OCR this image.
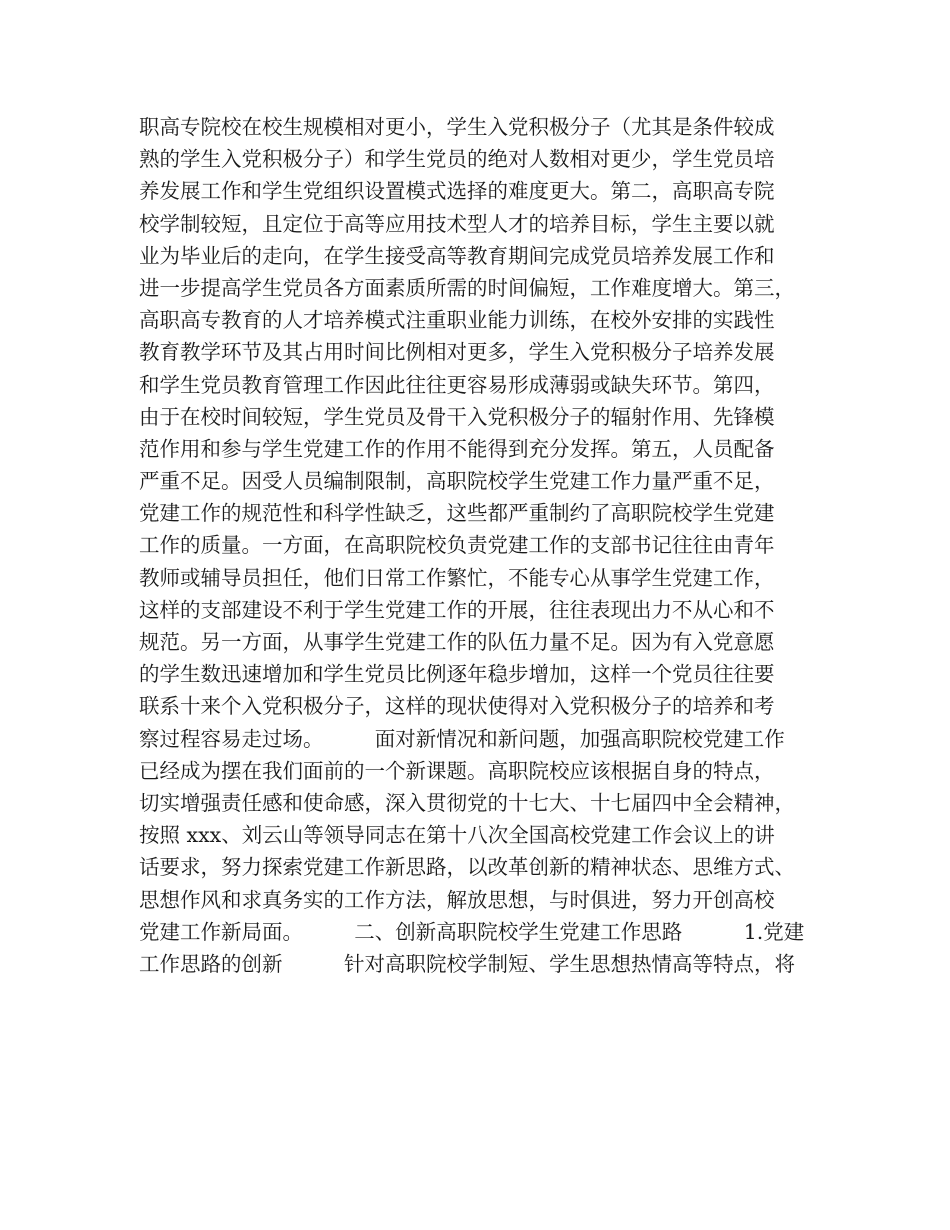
职高专院校在校生规模相对更小，学生入党积极分子（尤其是条件较成
熟的学生入党积极分子）和学生党员的绝对人数相对更少，学生党员培
养发展工作和学生党组织设置模式选择的难度更大。第二，高职高专院
校学制较短，且定位于高等应用技术型人才的培养目标，学生主要以就
业为毕业后的走向，在学生接受高等教育期间完成党员培养发展工作和
进一步提高学生党员各方面素质所需的时间偏短，工作难度增大。第三，
高职高专教育的人才培养模式注重职业能力训练，在校外安排的实践性
教育教学环节及其占用时间比例相对更多，学生入党积极分子培养发展
和学生党员教育管理工作因此往往更容易形成薄弱或缺失环节。第四，
由于在校时间较短，学生党员及骨干入党积极分子的辐射作用、先锋模
范作用和参与学生党建工作的作用不能得到充分发挥。第五，人员配备
严重不足。因受人员编制限制，高职院校学生党建工作力量严重不足，
党建工作的规范性和科学性缺乏，这些都严重制约了高职院校学生党建
工作的质量。一方面，在高职院校负责党建工作的支部书记往往由青年
教师或辅导员担任，他们日常工作繁忙，不能专心从事学生党建工作，
这样的支部建设不利于学生党建工作的开展，往往表现出力不从心和不
规范。另一方面，从事学生党建工作的队伍力量不足。因为有入党意愿
的学生数迅速增加和学生党员比例逐年稳步增加，这样一个党员往往要
联系十来个入党积极分子，这样的现状使得对入党积极分子的培养和考
察过程容易走过场。　　　面对新情况和新问题，加强高职院校党建工作
已经成为摆在我们面前的一个新课题。高职院校应该根据自身的特点，
切实增强责任感和使命感，深入贯彻党的十七大、十七届四中全会精神，
按照 xxx、刘云山等领导同志在第十八次全国高校党建工作会议上的讲
话要求，努力探索党建工作新思路，以改革创新的精神状态、思维方式、
思想作风和求真务实的工作方法，解放思想，与时俱进，努力开创高校
党建工作新局面。　　　二、创新高职院校学生党建工作思路　　　1.党建
工作思路的创新　　　针对高职院校学制短、学生思想热情高等特点，将
